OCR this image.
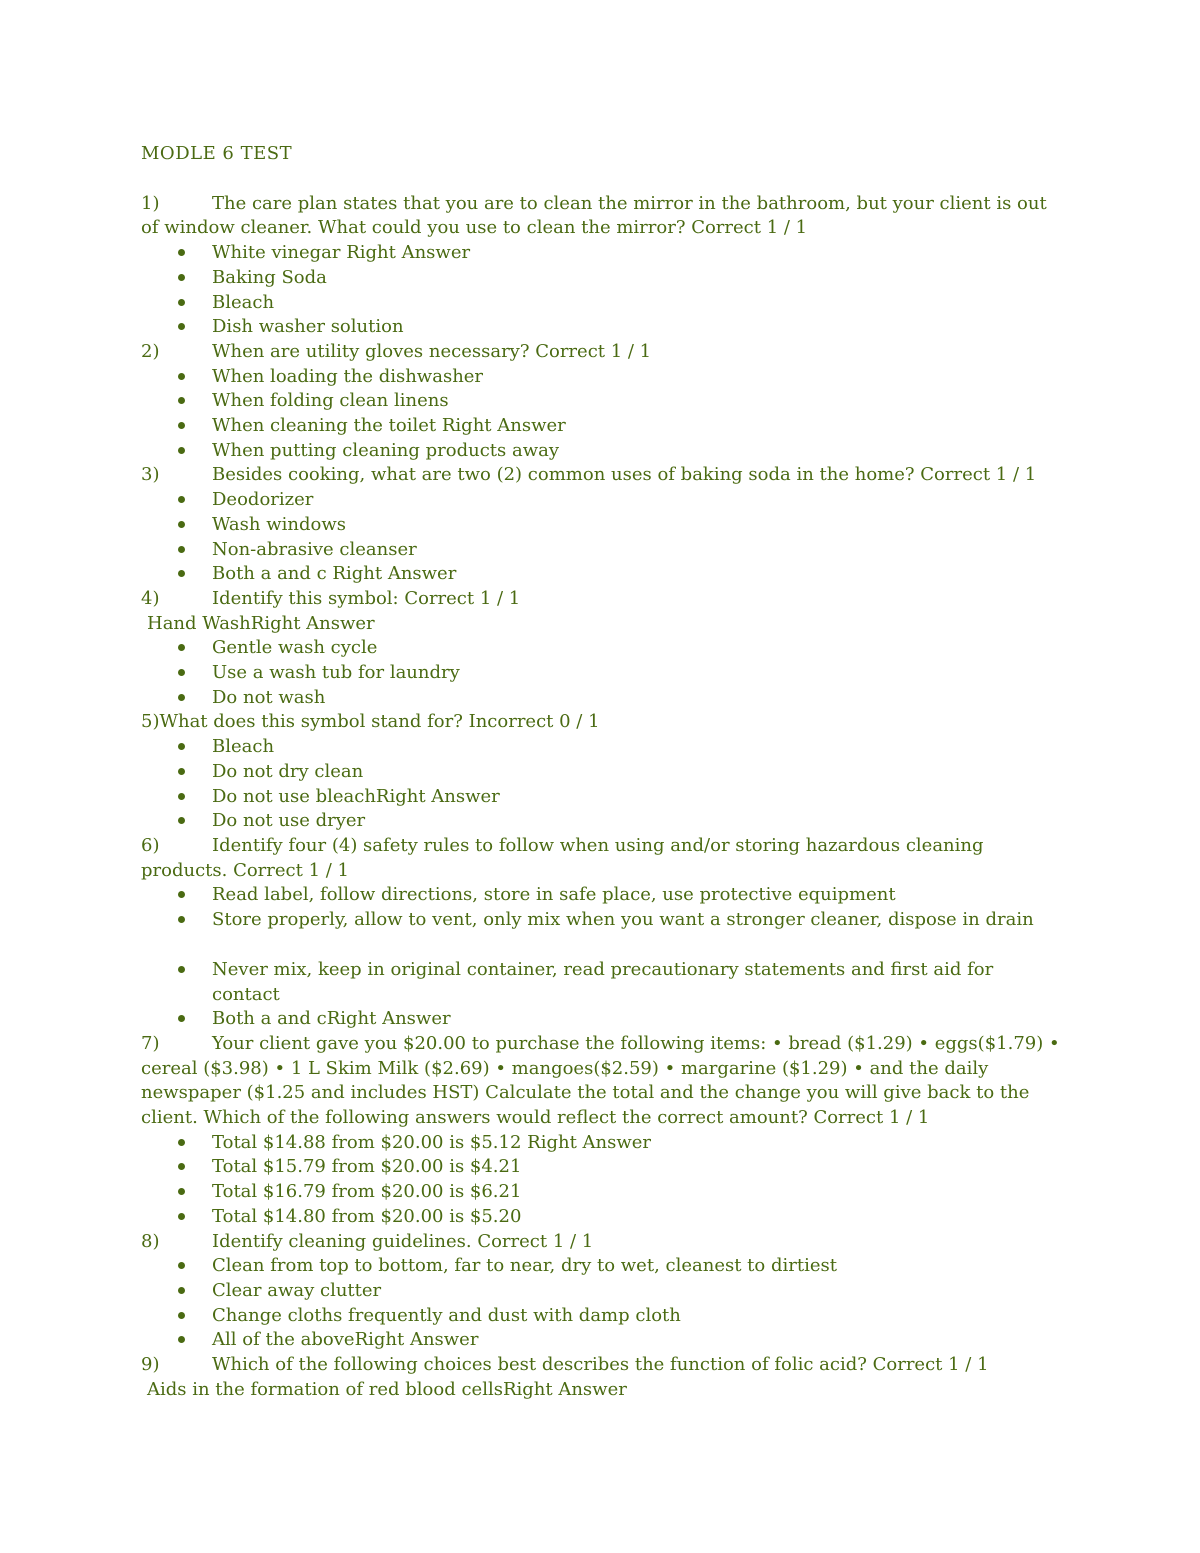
MODLE 6 TEST

1)	The care plan states that you are to clean the mirror in the bathroom, but your client is out of window cleaner. What could you use to clean the mirror? Correct 1 / 1

White vinegar Right Answer
Baking Soda
Bleach
Dish washer solution

2)	When are utility gloves necessary? Correct 1 / 1

When loading the dishwasher
When folding clean linens
When cleaning the toilet Right Answer
When putting cleaning products away

3)	Besides cooking, what are two (2) common uses of baking soda in the home? Correct 1 / 1

Deodorizer
Wash windows
Non-abrasive cleanser
Both a and c Right Answer

4)	Identify this symbol: Correct 1 / 1

Hand WashRight Answer

Gentle wash cycle
Use a wash tub for laundry
Do not wash

5)What does this symbol stand for? Incorrect 0 / 1

Bleach
Do not dry clean
Do not use bleachRight Answer
Do not use dryer

6)	Identify four (4) safety rules to follow when using and/or storing hazardous cleaning products. Correct 1 / 1

Read label, follow directions, store in safe place, use protective equipment
Store properly, allow to vent, only mix when you want a stronger cleaner, dispose in drain
Never mix, keep in original container, read precautionary statements and first aid for contact
Both a and cRight Answer

7)	Your client gave you $20.00 to purchase the following items: • bread ($1.29) • eggs($1.79) • cereal ($3.98) • 1 L Skim Milk ($2.69) • mangoes($2.59) • margarine ($1.29) • and the daily newspaper ($1.25 and includes HST) Calculate the total and the change you will give back to the client. Which of the following answers would reflect the correct amount? Correct 1 / 1

Total $14.88 from $20.00 is $5.12 Right Answer
Total $15.79 from $20.00 is $4.21
Total $16.79 from $20.00 is $6.21
Total $14.80 from $20.00 is $5.20

8)	Identify cleaning guidelines. Correct 1 / 1

Clean from top to bottom, far to near, dry to wet, cleanest to dirtiest
Clear away clutter
Change cloths frequently and dust with damp cloth
All of the aboveRight Answer

9)	Which of the following choices best describes the function of folic acid? Correct 1 / 1

Aids in the formation of red blood cellsRight Answer
